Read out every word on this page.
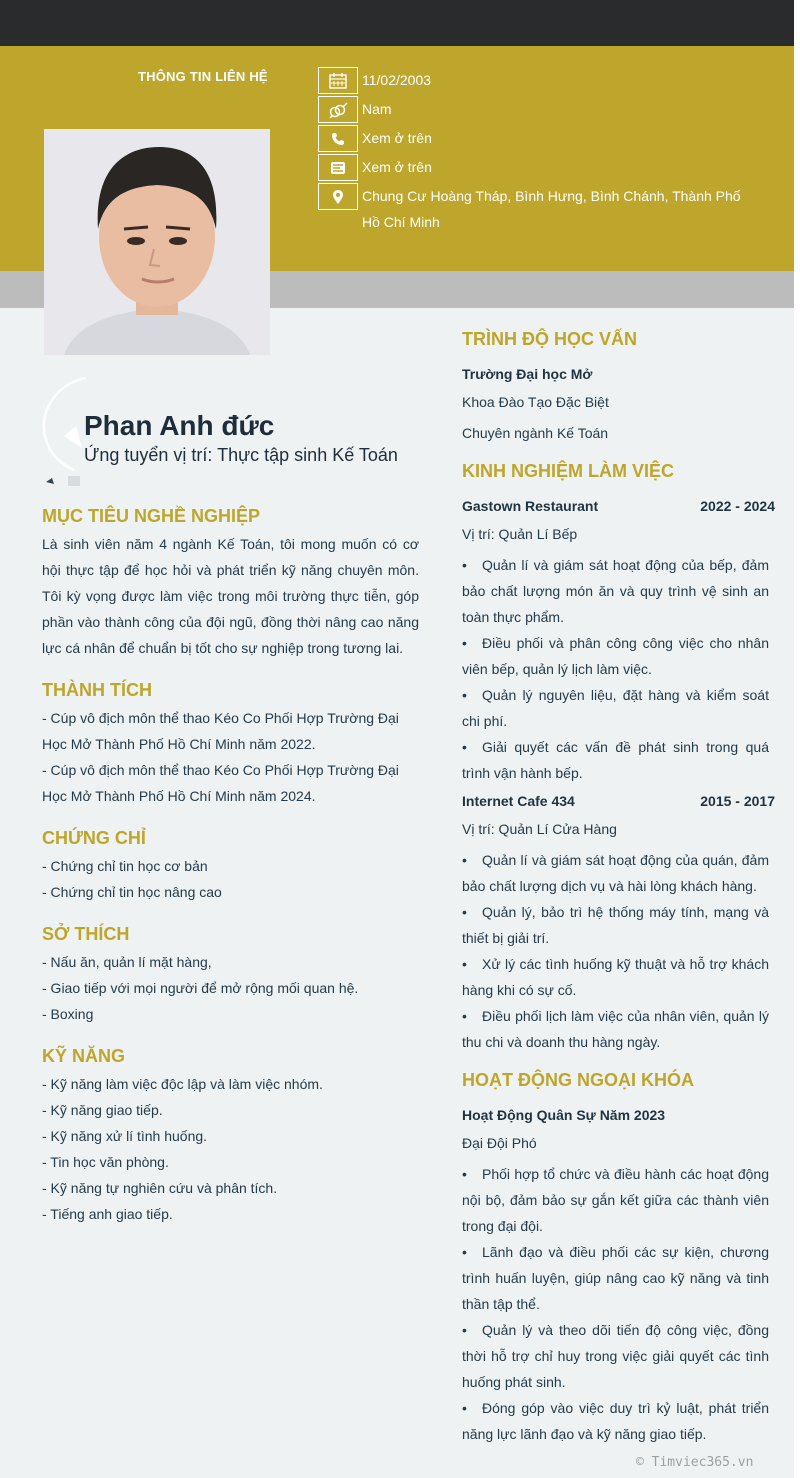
THÔNG TIN LIÊN HỆ	11/02/2003
Nam
Xem ở trên
Xem ở trên
Chung Cư Hoàng Tháp, Bình Hưng, Bình Chánh, Thành Phố Hồ Chí Minh
Phan Anh đức
Ứng tuyển vị trí: Thực tập sinh Kế Toán
MỤC TIÊU NGHỀ NGHIỆP
Là sinh viên năm 4 ngành Kế Toán, tôi mong muốn có cơ hội thực tập để học hỏi và phát triển kỹ năng chuyên môn. Tôi kỳ vọng được làm việc trong môi trường thực tiễn, góp phần vào thành công của đội ngũ, đồng thời nâng cao năng lực cá nhân để chuẩn bị tốt cho sự nghiệp trong tương lai.
THÀNH TÍCH
- Cúp vô địch môn thể thao Kéo Co Phối Hợp Trường Đại Học Mở Thành Phố Hồ Chí Minh năm 2022.
- Cúp vô địch môn thể thao Kéo Co Phối Hợp Trường Đại Học Mở Thành Phố Hồ Chí Minh năm 2024.
CHỨNG CHỈ
- Chứng chỉ tin học cơ bản
- Chứng chỉ tin học nâng cao
SỞ THÍCH
- Nấu ăn, quản lí mặt hàng,
- Giao tiếp với mọi người để mở rộng mối quan hệ.
- Boxing
KỸ NĂNG
- Kỹ năng làm việc độc lập và làm việc nhóm.
- Kỹ năng giao tiếp.
- Kỹ năng xử lí tình huống.
- Tin học văn phòng.
- Kỹ năng tự nghiên cứu và phân tích.
- Tiếng anh giao tiếp.
TRÌNH ĐỘ HỌC VẤN
Trường Đại học Mở
Khoa Đào Tạo Đặc Biệt
Chuyên ngành Kế Toán
KINH NGHIỆM LÀM VIỆC
Gastown Restaurant	2022 - 2024
Vị trí: Quản Lí Bếp
• Quản lí và giám sát hoạt động của bếp, đảm bảo chất lượng món ăn và quy trình vệ sinh an toàn thực phẩm.
• Điều phối và phân công công việc cho nhân viên bếp, quản lý lịch làm việc.
• Quản lý nguyên liệu, đặt hàng và kiểm soát chi phí.
• Giải quyết các vấn đề phát sinh trong quá trình vận hành bếp.
Internet Cafe 434	2015 - 2017
Vị trí: Quản Lí Cửa Hàng
• Quản lí và giám sát hoạt động của quán, đảm bảo chất lượng dịch vụ và hài lòng khách hàng.
• Quản lý, bảo trì hệ thống máy tính, mạng và thiết bị giải trí.
• Xử lý các tình huống kỹ thuật và hỗ trợ khách hàng khi có sự cố.
• Điều phối lịch làm việc của nhân viên, quản lý thu chi và doanh thu hàng ngày.
HOẠT ĐỘNG NGOẠI KHÓA
Hoạt Động Quân Sự Năm 2023
Đại Đội Phó
• Phối hợp tổ chức và điều hành các hoạt động nội bộ, đảm bảo sự gắn kết giữa các thành viên trong đại đội.
• Lãnh đạo và điều phối các sự kiện, chương trình huấn luyện, giúp nâng cao kỹ năng và tinh thần tập thể.
• Quản lý và theo dõi tiến độ công việc, đồng thời hỗ trợ chỉ huy trong việc giải quyết các tình huống phát sinh.
• Đóng góp vào việc duy trì kỷ luật, phát triển năng lực lãnh đạo và kỹ năng giao tiếp.
© Timviec365.vn
